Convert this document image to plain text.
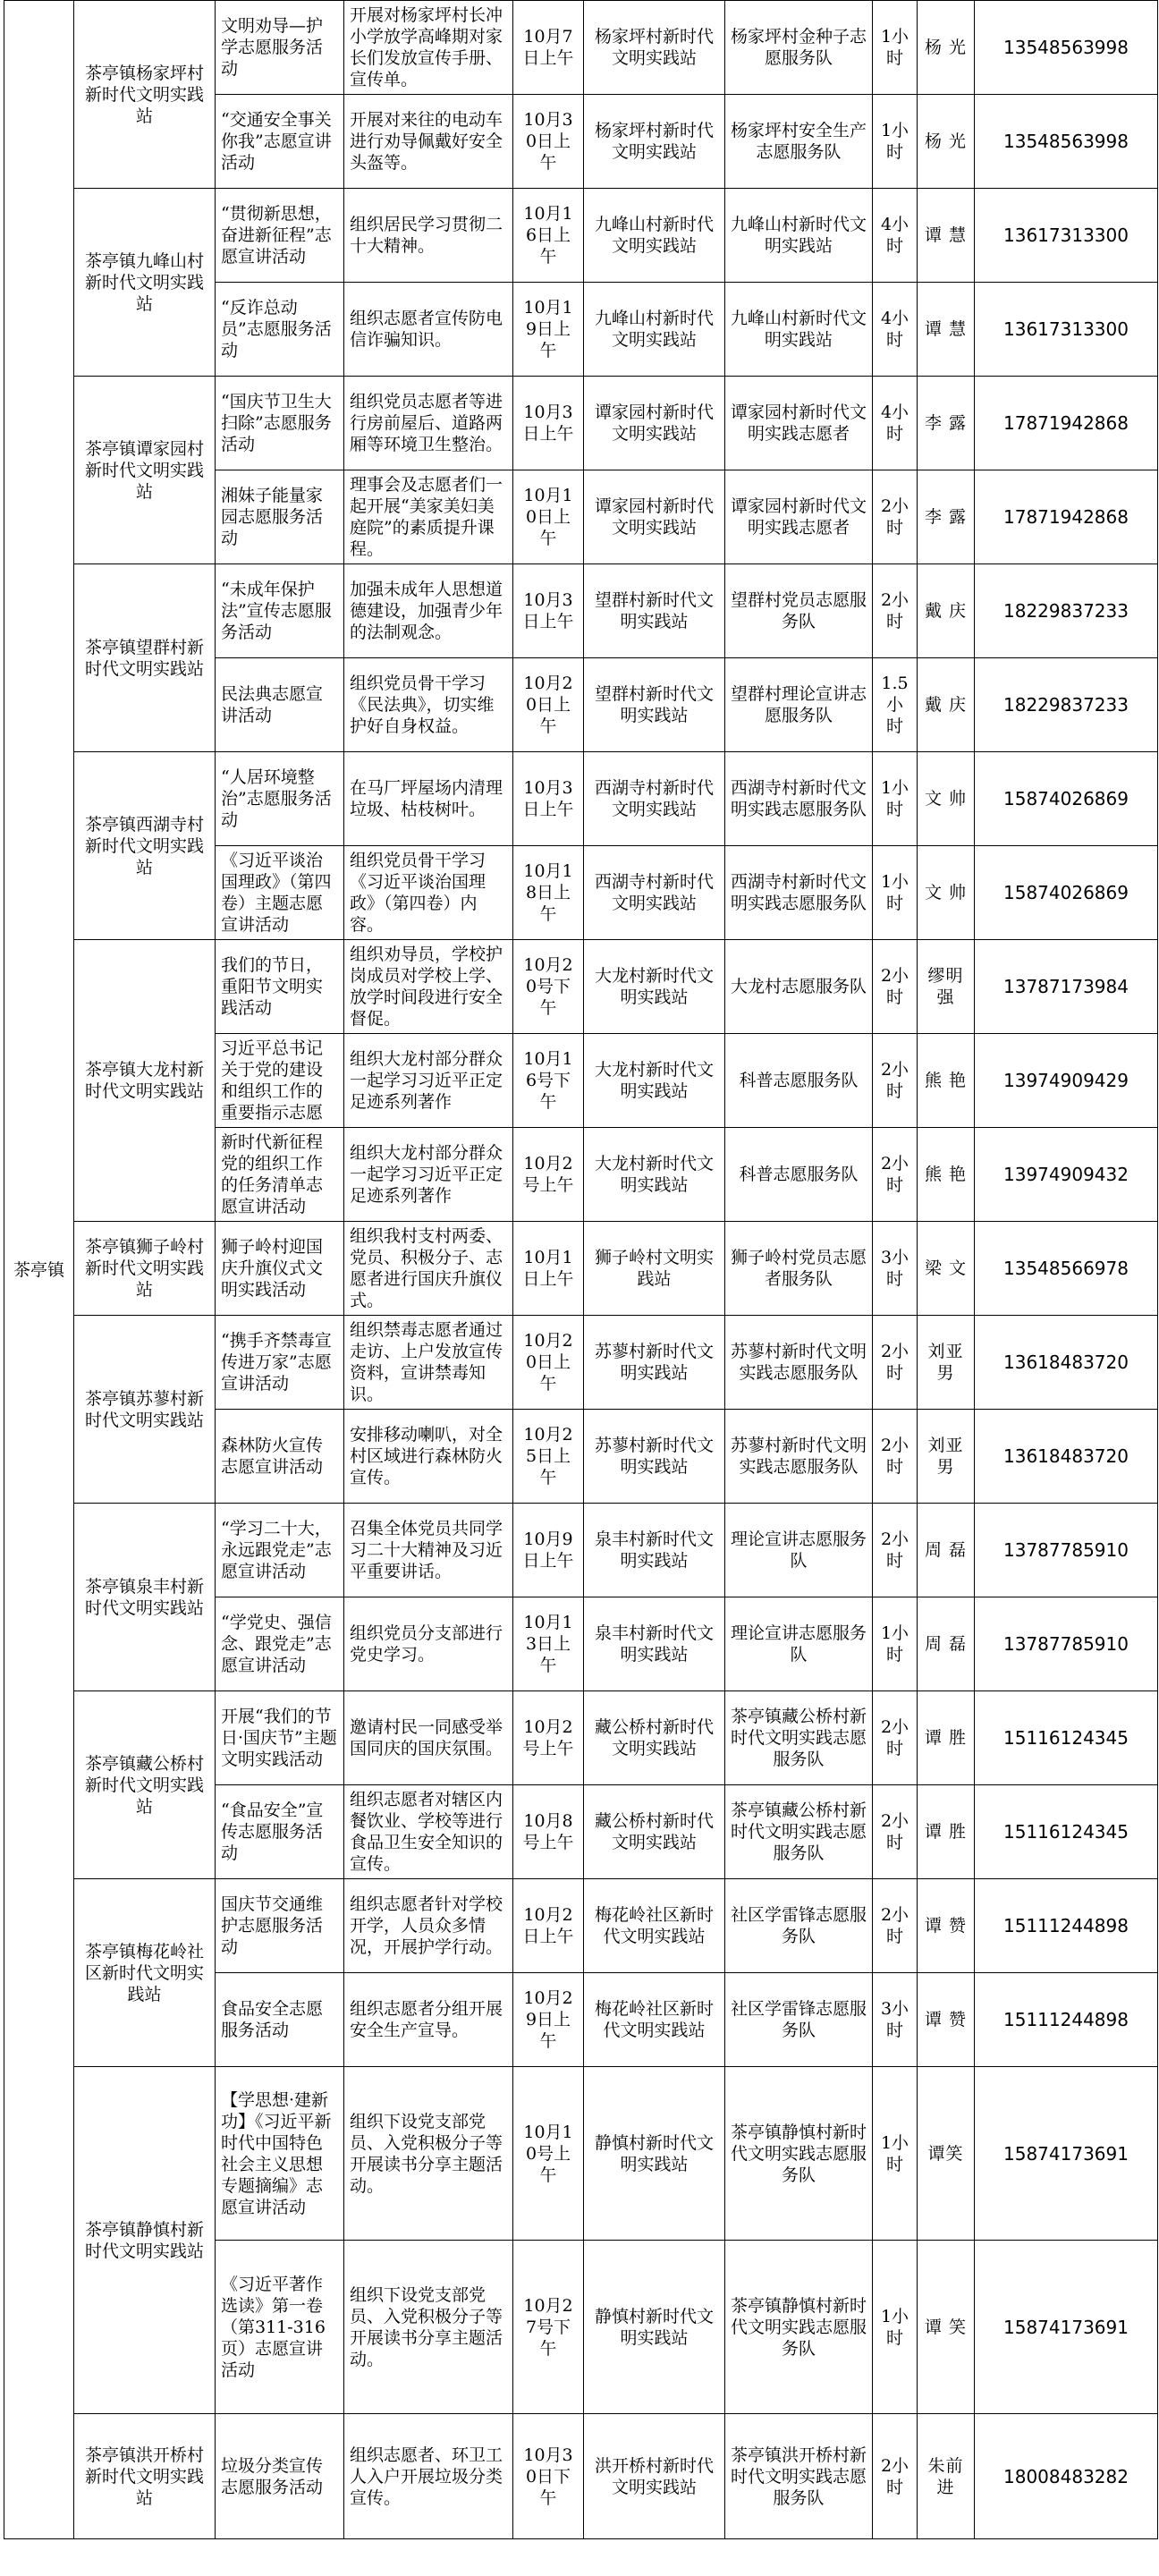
茶亭镇	茶亭镇杨家坪村新时代文明实践站	文明劝导—护学志愿服务活动	开展对杨家坪村长冲小学放学高峰期对家长们发放宣传手册、宣传单。	10月7日上午	杨家坪村新时代文明实践站	杨家坪村金种子志愿服务队	1小时	杨 光	13548563998
		“交通安全事关你我”志愿宣讲活动	开展对来往的电动车进行劝导佩戴好安全头盔等。	10月30日上午	杨家坪村新时代文明实践站	杨家坪村安全生产志愿服务队	1小时	杨 光	13548563998
	茶亭镇九峰山村新时代文明实践站	“贯彻新思想，奋进新征程”志愿宣讲活动	组织居民学习贯彻二十大精神。	10月16日上午	九峰山村新时代文明实践站	九峰山村新时代文明实践站	4小时	谭 慧	13617313300
		“反诈总动员”志愿服务活动	组织志愿者宣传防电信诈骗知识。	10月19日上午	九峰山村新时代文明实践站	九峰山村新时代文明实践站	4小时	谭 慧	13617313300
	茶亭镇谭家园村新时代文明实践站	“国庆节卫生大扫除”志愿服务活动	组织党员志愿者等进行房前屋后、道路两厢等环境卫生整治。	10月3日上午	谭家园村新时代文明实践站	谭家园村新时代文明实践志愿者	4小时	李 露	17871942868
		湘妹子能量家园志愿服务活动	理事会及志愿者们一起开展“美家美妇美庭院”的素质提升课程。	10月10日上午	谭家园村新时代文明实践站	谭家园村新时代文明实践志愿者	2小时	李 露	17871942868
	茶亭镇望群村新时代文明实践站	“未成年保护法”宣传志愿服务活动	加强未成年人思想道德建设，加强青少年的法制观念。	10月3日上午	望群村新时代文明实践站	望群村党员志愿服务队	2小时	戴 庆	18229837233
		民法典志愿宣讲活动	组织党员骨干学习《民法典》，切实维护好自身权益。	10月20日上午	望群村新时代文明实践站	望群村理论宣讲志愿服务队	1.5小时	戴 庆	18229837233
	茶亭镇西湖寺村新时代文明实践站	“人居环境整治”志愿服务活动	在马厂坪屋场内清理垃圾、枯枝树叶。	10月3日上午	西湖寺村新时代文明实践站	西湖寺村新时代文明实践志愿服务队	1小时	文 帅	15874026869
		《习近平谈治国理政》（第四卷）主题志愿宣讲活动	组织党员骨干学习《习近平谈治国理政》（第四卷）内容。	10月18日上午	西湖寺村新时代文明实践站	西湖寺村新时代文明实践志愿服务队	1小时	文 帅	15874026869
	茶亭镇大龙村新时代文明实践站	我们的节日，重阳节文明实践活动	组织劝导员，学校护岗成员对学校上学、放学时间段进行安全督促。	10月20号下午	大龙村新时代文明实践站	大龙村志愿服务队	2小时	缪明强	13787173984
		习近平总书记关于党的建设和组织工作的重要指示志愿	组织大龙村部分群众一起学习习近平正定足迹系列著作	10月16号下午	大龙村新时代文明实践站	科普志愿服务队	2小时	熊 艳	13974909429
		新时代新征程党的组织工作的任务清单志愿宣讲活动	组织大龙村部分群众一起学习习近平正定足迹系列著作	10月2号上午	大龙村新时代文明实践站	科普志愿服务队	2小时	熊 艳	13974909432
	茶亭镇狮子岭村新时代文明实践站	狮子岭村迎国庆升旗仪式文明实践活动	组织我村支村两委、党员、积极分子、志愿者进行国庆升旗仪式。	10月1日上午	狮子岭村文明实践站	狮子岭村党员志愿者服务队	3小时	梁 文	13548566978
	茶亭镇苏蓼村新时代文明实践站	“携手齐禁毒宣传进万家”志愿宣讲活动	组织禁毒志愿者通过走访、上户发放宣传资料，宣讲禁毒知识。	10月20日上午	苏蓼村新时代文明实践站	苏蓼村新时代文明实践志愿服务队	2小时	刘亚男	13618483720
		森林防火宣传志愿宣讲活动	安排移动喇叭，对全村区域进行森林防火宣传。	10月25日上午	苏蓼村新时代文明实践站	苏蓼村新时代文明实践志愿服务队	2小时	刘亚男	13618483720
	茶亭镇泉丰村新时代文明实践站	“学习二十大，永远跟党走”志愿宣讲活动	召集全体党员共同学习二十大精神及习近平重要讲话。	10月9日上午	泉丰村新时代文明实践站	理论宣讲志愿服务队	2小时	周 磊	13787785910
		“学党史、强信念、跟党走”志愿宣讲活动	组织党员分支部进行党史学习。	10月13日上午	泉丰村新时代文明实践站	理论宣讲志愿服务队	1小时	周 磊	13787785910
	茶亭镇藏公桥村新时代文明实践站	开展“我们的节日·国庆节”主题文明实践活动	邀请村民一同感受举国同庆的国庆氛围。	10月2号上午	藏公桥村新时代文明实践站	茶亭镇藏公桥村新时代文明实践志愿服务队	2小时	谭 胜	15116124345
		“食品安全”宣传志愿服务活动	组织志愿者对辖区内餐饮业、学校等进行食品卫生安全知识的宣传。	10月8号上午	藏公桥村新时代文明实践站	茶亭镇藏公桥村新时代文明实践志愿服务队	2小时	谭 胜	15116124345
	茶亭镇梅花岭社区新时代文明实践站	国庆节交通维护志愿服务活动	组织志愿者针对学校开学，人员众多情况，开展护学行动。	10月2日上午	梅花岭社区新时代文明实践站	社区学雷锋志愿服务队	2小时	谭 赞	15111244898
		食品安全志愿服务活动	组织志愿者分组开展安全生产宣导。	10月29日上午	梅花岭社区新时代文明实践站	社区学雷锋志愿服务队	3小时	谭 赞	15111244898
	茶亭镇静慎村新时代文明实践站	【学思想·建新功】《习近平新时代中国特色社会主义思想专题摘编》志愿宣讲活动	组织下设党支部党员、入党积极分子等开展读书分享主题活动。	10月10号上午	静慎村新时代文明实践站	茶亭镇静慎村新时代文明实践志愿服务队	1小时	谭笑	15874173691
		《习近平著作选读》第一卷（第311-316页）志愿宣讲活动	组织下设党支部党员、入党积极分子等开展读书分享主题活动。	10月27号下午	静慎村新时代文明实践站	茶亭镇静慎村新时代文明实践志愿服务队	1小时	谭 笑	15874173691
	茶亭镇洪开桥村新时代文明实践站	垃圾分类宣传志愿服务活动	组织志愿者、环卫工人入户开展垃圾分类宣传。	10月30日下午	洪开桥村新时代文明实践站	茶亭镇洪开桥村新时代文明实践志愿服务队	2小时	朱前进	18008483282
